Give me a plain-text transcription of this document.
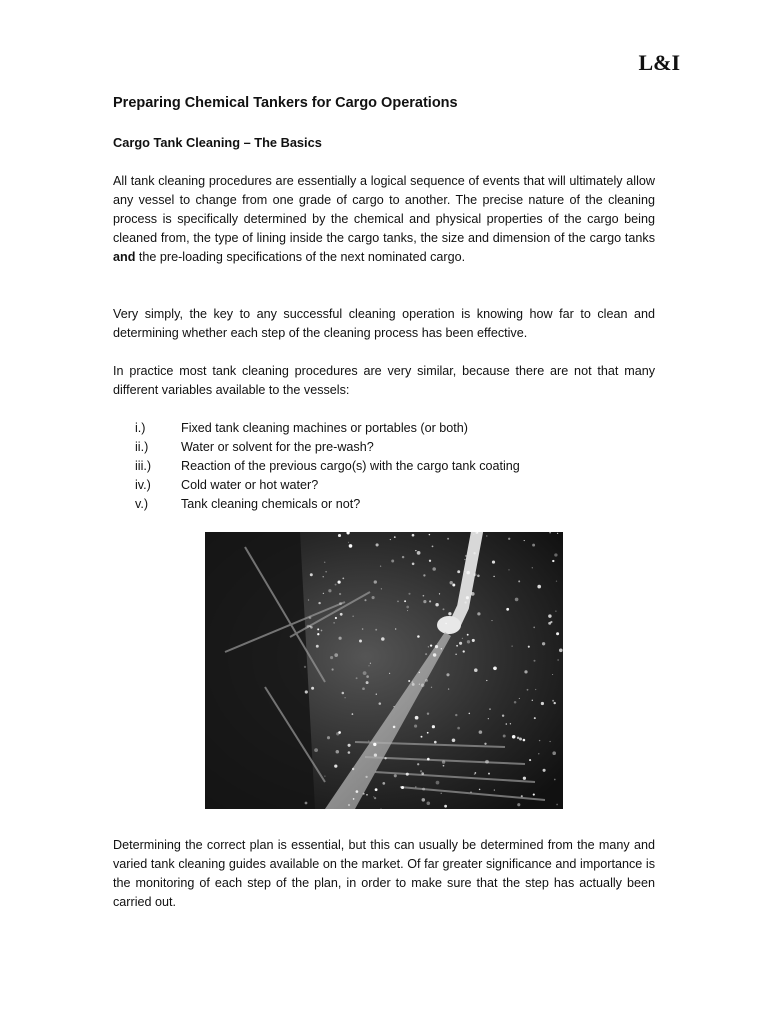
L&I
Preparing Chemical Tankers for Cargo Operations
Cargo Tank Cleaning – The Basics

All tank cleaning procedures are essentially a logical sequence of events that will ultimately allow any vessel to change from one grade of cargo to another. The precise nature of the cleaning process is specifically determined by the chemical and physical properties of the cargo being cleaned from, the type of lining inside the cargo tanks, the size and dimension of the cargo tanks and the pre-loading specifications of the next nominated cargo.

Very simply, the key to any successful cleaning operation is knowing how far to clean and determining whether each step of the cleaning process has been effective.

In practice most tank cleaning procedures are very similar, because there are not that many different variables available to the vessels:

i.)	Fixed tank cleaning machines or portables (or both)
ii.)	Water or solvent for the pre-wash?
iii.)	Reaction of the previous cargo(s) with the cargo tank coating
iv.)	Cold water or hot water?
v.)	Tank cleaning chemicals or not?

Determining the correct plan is essential, but this can usually be determined from the many and varied tank cleaning guides available on the market. Of far greater significance and importance is the monitoring of each step of the plan, in order to make sure that the step has actually been carried out.
